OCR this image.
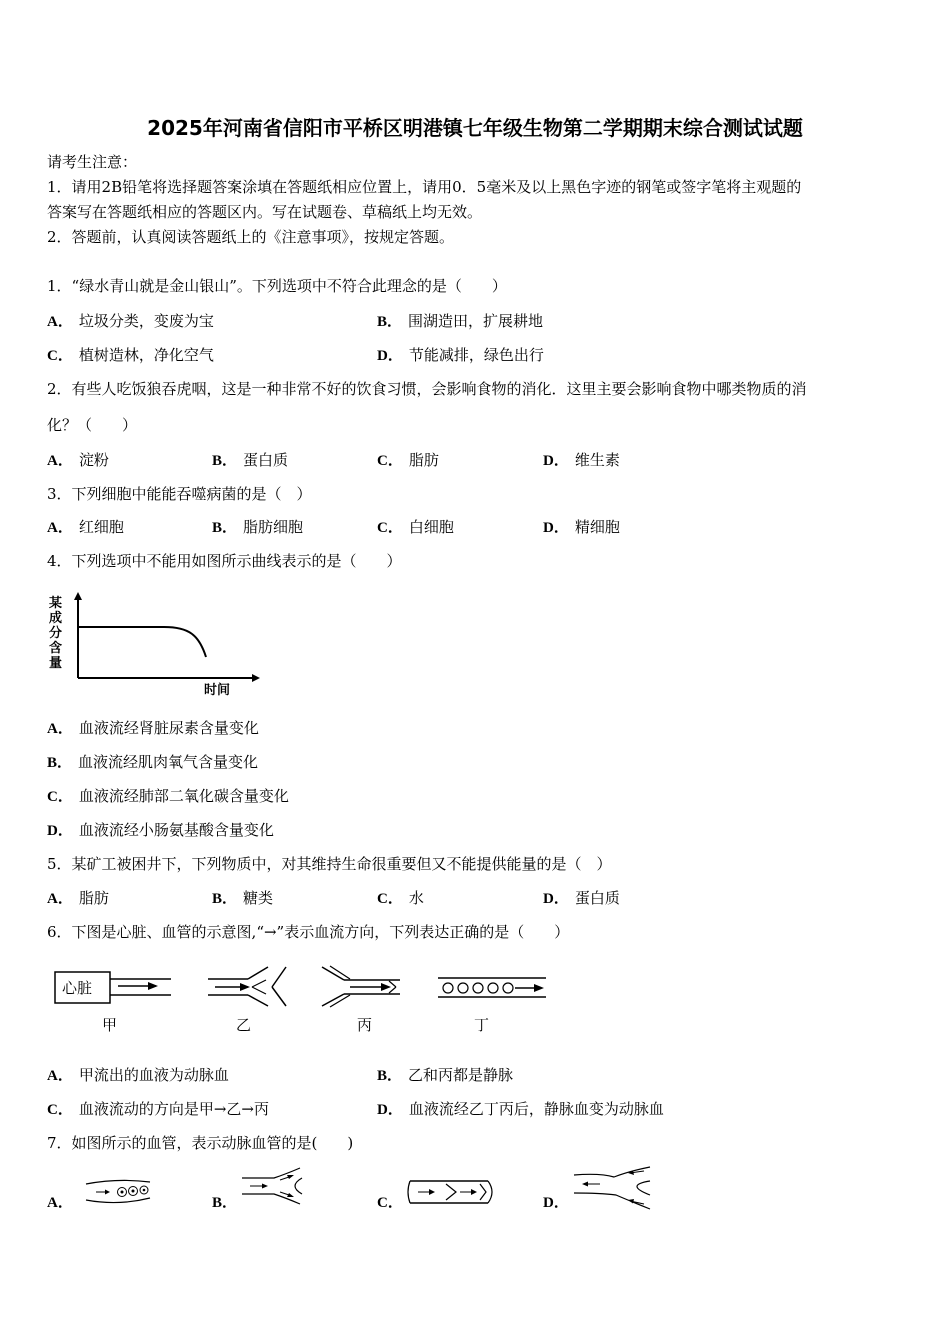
2025年河南省信阳市平桥区明港镇七年级生物第二学期期末综合测试试题
请考生注意：
1．请用2B铅笔将选择题答案涂填在答题纸相应位置上，请用0．5毫米及以上黑色字迹的钢笔或签字笔将主观题的
答案写在答题纸相应的答题区内。写在试题卷、草稿纸上均无效。
2．答题前，认真阅读答题纸上的《注意事项》，按规定答题。
1．“绿水青山就是金山银山”。下列选项中不符合此理念的是（　　）
A． 垃圾分类，变废为宝	B． 围湖造田，扩展耕地
C． 植树造林，净化空气	D． 节能减排，绿色出行
2．有些人吃饭狼吞虎咽，这是一种非常不好的饮食习惯，会影响食物的消化．这里主要会影响食物中哪类物质的消
化？（　　）
A． 淀粉	B． 蛋白质	C． 脂肪	D． 维生素
3．下列细胞中能能吞噬病菌的是（　）
A． 红细胞	B． 脂肪细胞	C． 白细胞	D． 精细胞
4．下列选项中不能用如图所示曲线表示的是（　　）
某
成
分
含
量
时间
A． 血液流经肾脏尿素含量变化
B． 血液流经肌肉氧气含量变化
C． 血液流经肺部二氧化碳含量变化
D． 血液流经小肠氨基酸含量变化
5．某矿工被困井下，下列物质中，对其维持生命很重要但又不能提供能量的是（　）
A． 脂肪	B． 糖类	C． 水	D． 蛋白质
6．下图是心脏、血管的示意图,“→”表示血流方向，下列表达正确的是（　　）
心脏
甲	乙	丙	丁
A． 甲流出的血液为动脉血	B． 乙和丙都是静脉
C． 血液流动的方向是甲→乙→丙	D． 血液流经乙丁丙后，静脉血变为动脉血
7．如图所示的血管，表示动脉血管的是(　　)
A．	B．	C．	D．
